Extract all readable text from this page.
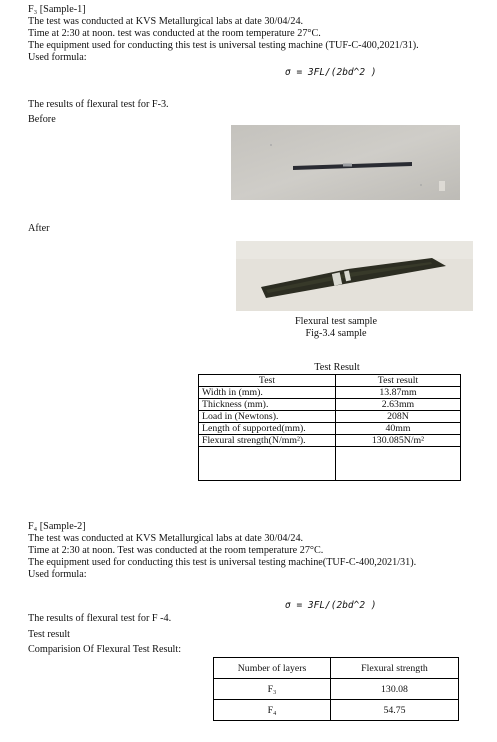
F₃ [Sample-1]
The test was conducted at KVS Metallurgical labs at date 30/04/24.
Time at 2:30 at noon. test was conducted at the room temperature 27°C.
The equipment used for conducting this test is universal testing machine (TUF-C-400,2021/31).
Used formula:
σ = 3FL/(2bd^2 )
The results of flexural test for F-3.
Before
After
Flexural test sample
Fig-3.4 sample
Test Result
Test	Test result
Width in (mm).	13.87mm
Thickness (mm).	2.63mm
Load in (Newtons).	208N
Length of supported(mm).	40mm
Flexural strength(N/mm²).	130.085N/m²

F₄ [Sample-2]
The test was conducted at KVS Metallurgical labs at date 30/04/24.
Time at 2:30 at noon. Test was conducted at the room temperature 27°C.
The equipment used for conducting this test is universal testing machine(TUF-C-400,2021/31).
Used formula:
σ = 3FL/(2bd^2 )
The results of flexural test for F -4.
Test result
Comparision Of Flexural Test Result:
Number of layers	Flexural strength
F₃	130.08
F₄	54.75
